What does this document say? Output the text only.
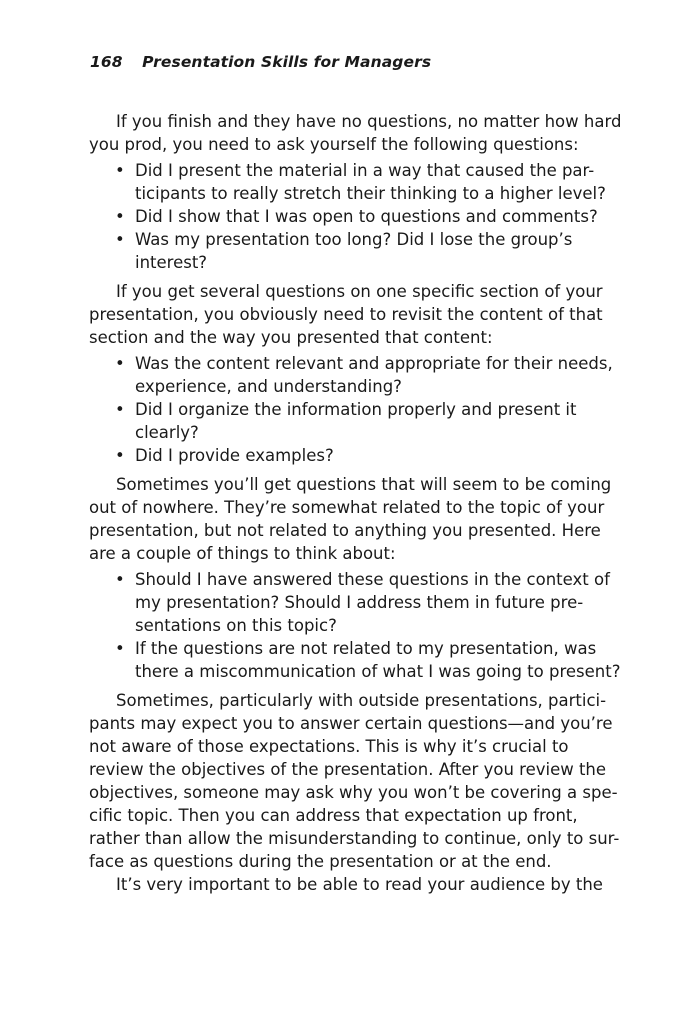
168 Presentation Skills for Managers

If you finish and they have no questions, no matter how hard
you prod, you need to ask yourself the following questions:

• Did I present the material in a way that caused the par-
ticipants to really stretch their thinking to a higher level?
• Did I show that I was open to questions and comments?
• Was my presentation too long? Did I lose the group’s
interest?

If you get several questions on one specific section of your
presentation, you obviously need to revisit the content of that
section and the way you presented that content:

• Was the content relevant and appropriate for their needs,
experience, and understanding?
• Did I organize the information properly and present it
clearly?
• Did I provide examples?

Sometimes you’ll get questions that will seem to be coming
out of nowhere. They’re somewhat related to the topic of your
presentation, but not related to anything you presented. Here
are a couple of things to think about:

• Should I have answered these questions in the context of
my presentation? Should I address them in future pre-
sentations on this topic?
• If the questions are not related to my presentation, was
there a miscommunication of what I was going to present?

Sometimes, particularly with outside presentations, partici-
pants may expect you to answer certain questions—and you’re
not aware of those expectations. This is why it’s crucial to
review the objectives of the presentation. After you review the
objectives, someone may ask why you won’t be covering a spe-
cific topic. Then you can address that expectation up front,
rather than allow the misunderstanding to continue, only to sur-
face as questions during the presentation or at the end.

It’s very important to be able to read your audience by the
